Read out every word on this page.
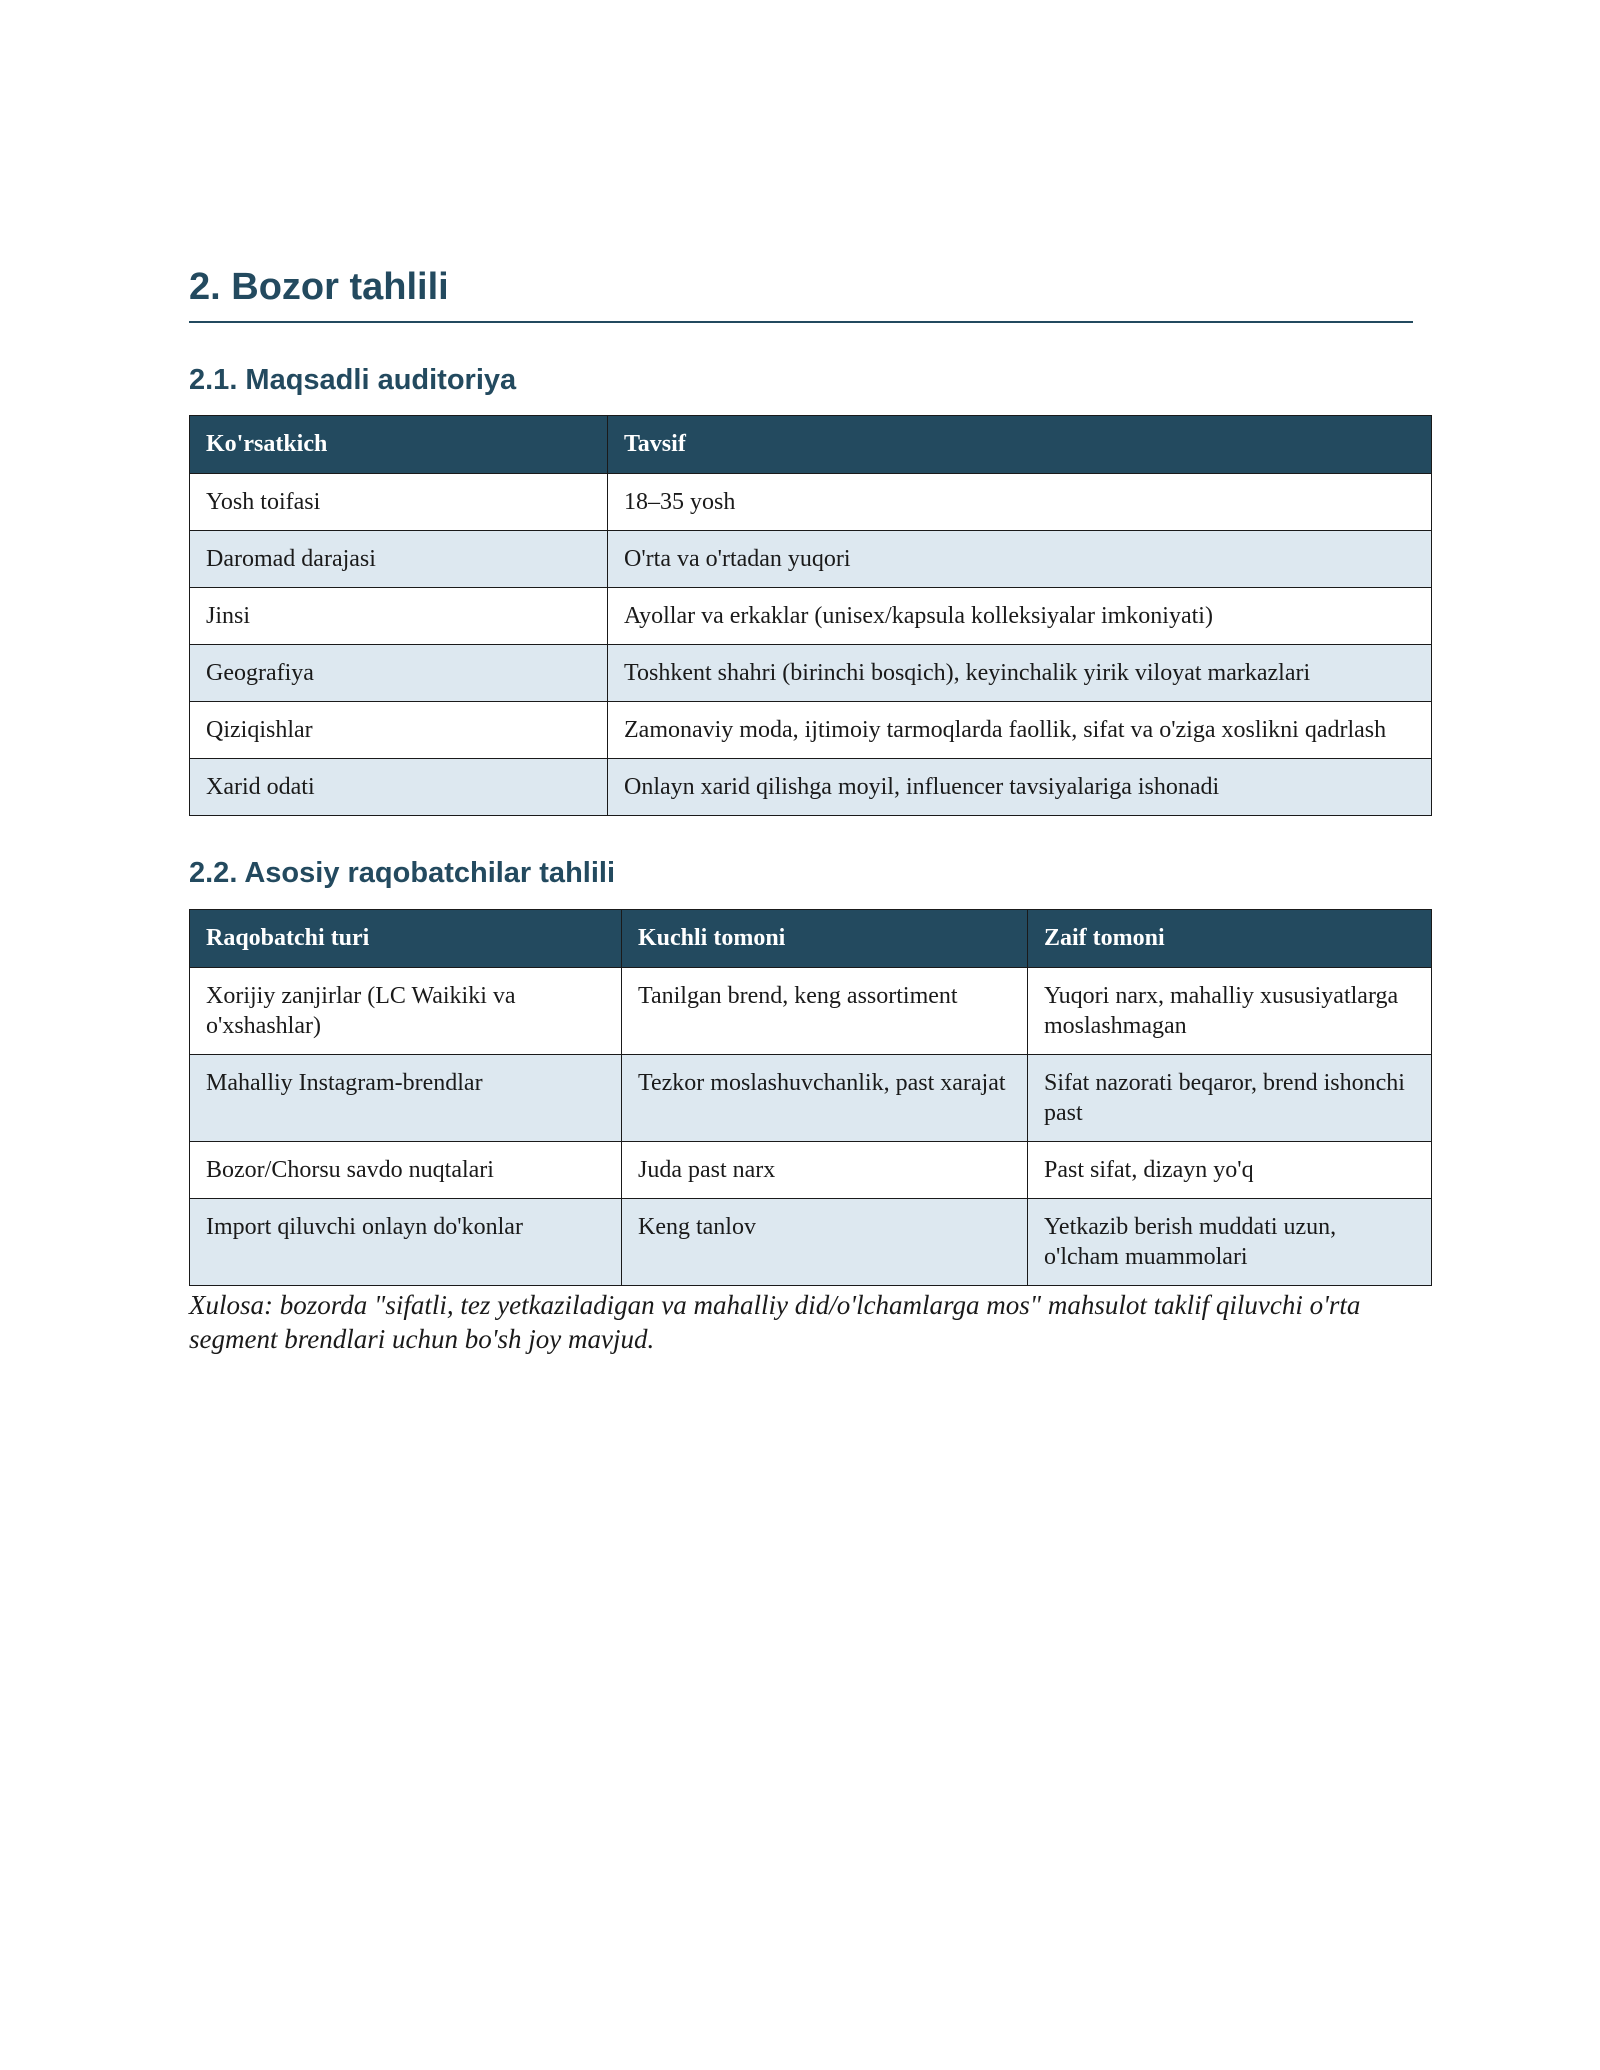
2. Bozor tahlili
2.1. Maqsadli auditoriya
Ko'rsatkich	Tavsif
Yosh toifasi	18–35 yosh
Daromad darajasi	O'rta va o'rtadan yuqori
Jinsi	Ayollar va erkaklar (unisex/kapsula kolleksiyalar imkoniyati)
Geografiya	Toshkent shahri (birinchi bosqich), keyinchalik yirik viloyat markazlari
Qiziqishlar	Zamonaviy moda, ijtimoiy tarmoqlarda faollik, sifat va o'ziga xoslikni qadrlash
Xarid odati	Onlayn xarid qilishga moyil, influencer tavsiyalariga ishonadi
2.2. Asosiy raqobatchilar tahlili
Raqobatchi turi	Kuchli tomoni	Zaif tomoni
Xorijiy zanjirlar (LC Waikiki va o'xshashlar)	Tanilgan brend, keng assortiment	Yuqori narx, mahalliy xususiyatlarga moslashmagan
Mahalliy Instagram-brendlar	Tezkor moslashuvchanlik, past xarajat	Sifat nazorati beqaror, brend ishonchi past
Bozor/Chorsu savdo nuqtalari	Juda past narx	Past sifat, dizayn yo'q
Import qiluvchi onlayn do'konlar	Keng tanlov	Yetkazib berish muddati uzun, o'lcham muammolari

Xulosa: bozorda "sifatli, tez yetkaziladigan va mahalliy did/o'lchamlarga mos" mahsulot taklif qiluvchi o'rta segment brendlari uchun bo'sh joy mavjud.
